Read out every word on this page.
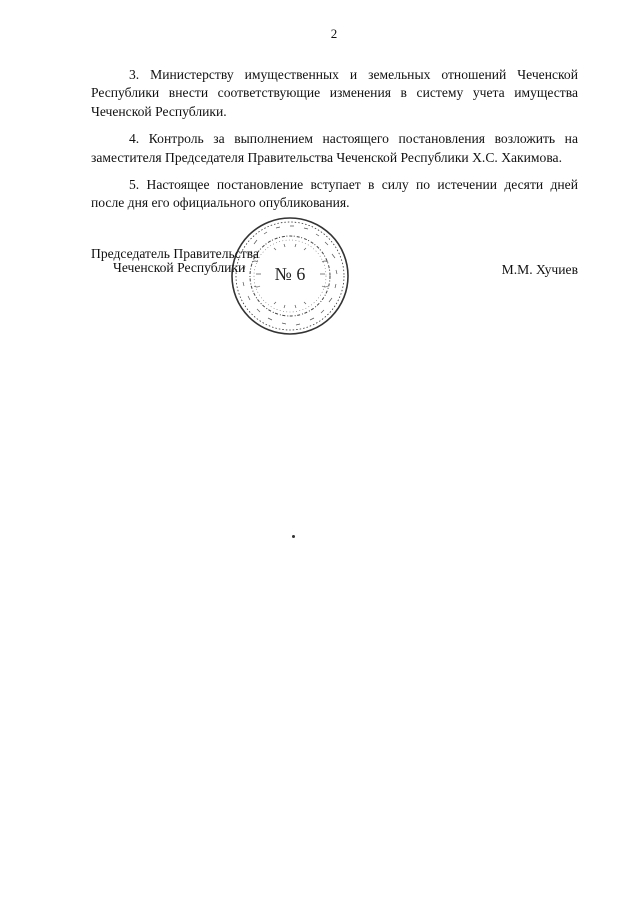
2

3. Министерству имущественных и земельных отношений Чеченской Республики внести соответствующие изменения в систему учета имущества Чеченской Республики.

4. Контроль за выполнением настоящего постановления возложить на заместителя Председателя Правительства Чеченской Республики Х.С. Хакимова.

5. Настоящее постановление вступает в силу по истечении десяти дней после дня его официального опубликования.

№ 6
Председатель Правительства
Чеченской Республики	М.М. Хучиев
